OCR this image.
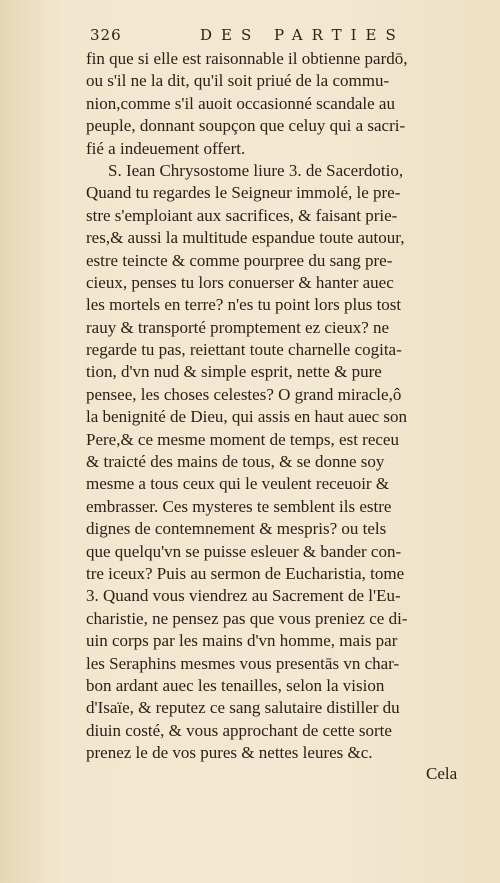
326	DES PARTIES
fin que si elle est raisonnable il obtienne pardō,
ou s'il ne la dit, qu'il soit priué de la commu-
nion,comme s'il auoit occasionné scandale au
peuple, donnant soupçon que celuy qui a sacri-
fié a indeuement offert.
S. Iean Chrysostome liure 3. de Sacerdotio,
Quand tu regardes le Seigneur immolé, le pre-
stre s'emploiant aux sacrifices, & faisant prie-
res,& aussi la multitude espandue toute autour,
estre teincte & comme pourpree du sang pre-
cieux, penses tu lors conuerser & hanter auec
les mortels en terre? n'es tu point lors plus tost
rauy & transporté promptement ez cieux? ne
regarde tu pas, reiettant toute charnelle cogita-
tion, d'vn nud & simple esprit, nette & pure
pensee, les choses celestes? O grand miracle,ô
la benignité de Dieu, qui assis en haut auec son
Pere,& ce mesme moment de temps, est receu
& traicté des mains de tous, & se donne soy
mesme a tous ceux qui le veulent receuoir &
embrasser. Ces mysteres te semblent ils estre
dignes de contemnement & mespris? ou tels
que quelqu'vn se puisse esleuer & bander con-
tre iceux? Puis au sermon de Eucharistia, tome
3. Quand vous viendrez au Sacrement de l'Eu-
charistie, ne pensez pas que vous preniez ce di-
uin corps par les mains d'vn homme, mais par
les Seraphins mesmes vous presentās vn char-
bon ardant auec les tenailles, selon la vision
d'Isaïe, & reputez ce sang salutaire distiller du
diuin costé, & vous approchant de cette sorte
prenez le de vos pures & nettes leures &c.
Cela
